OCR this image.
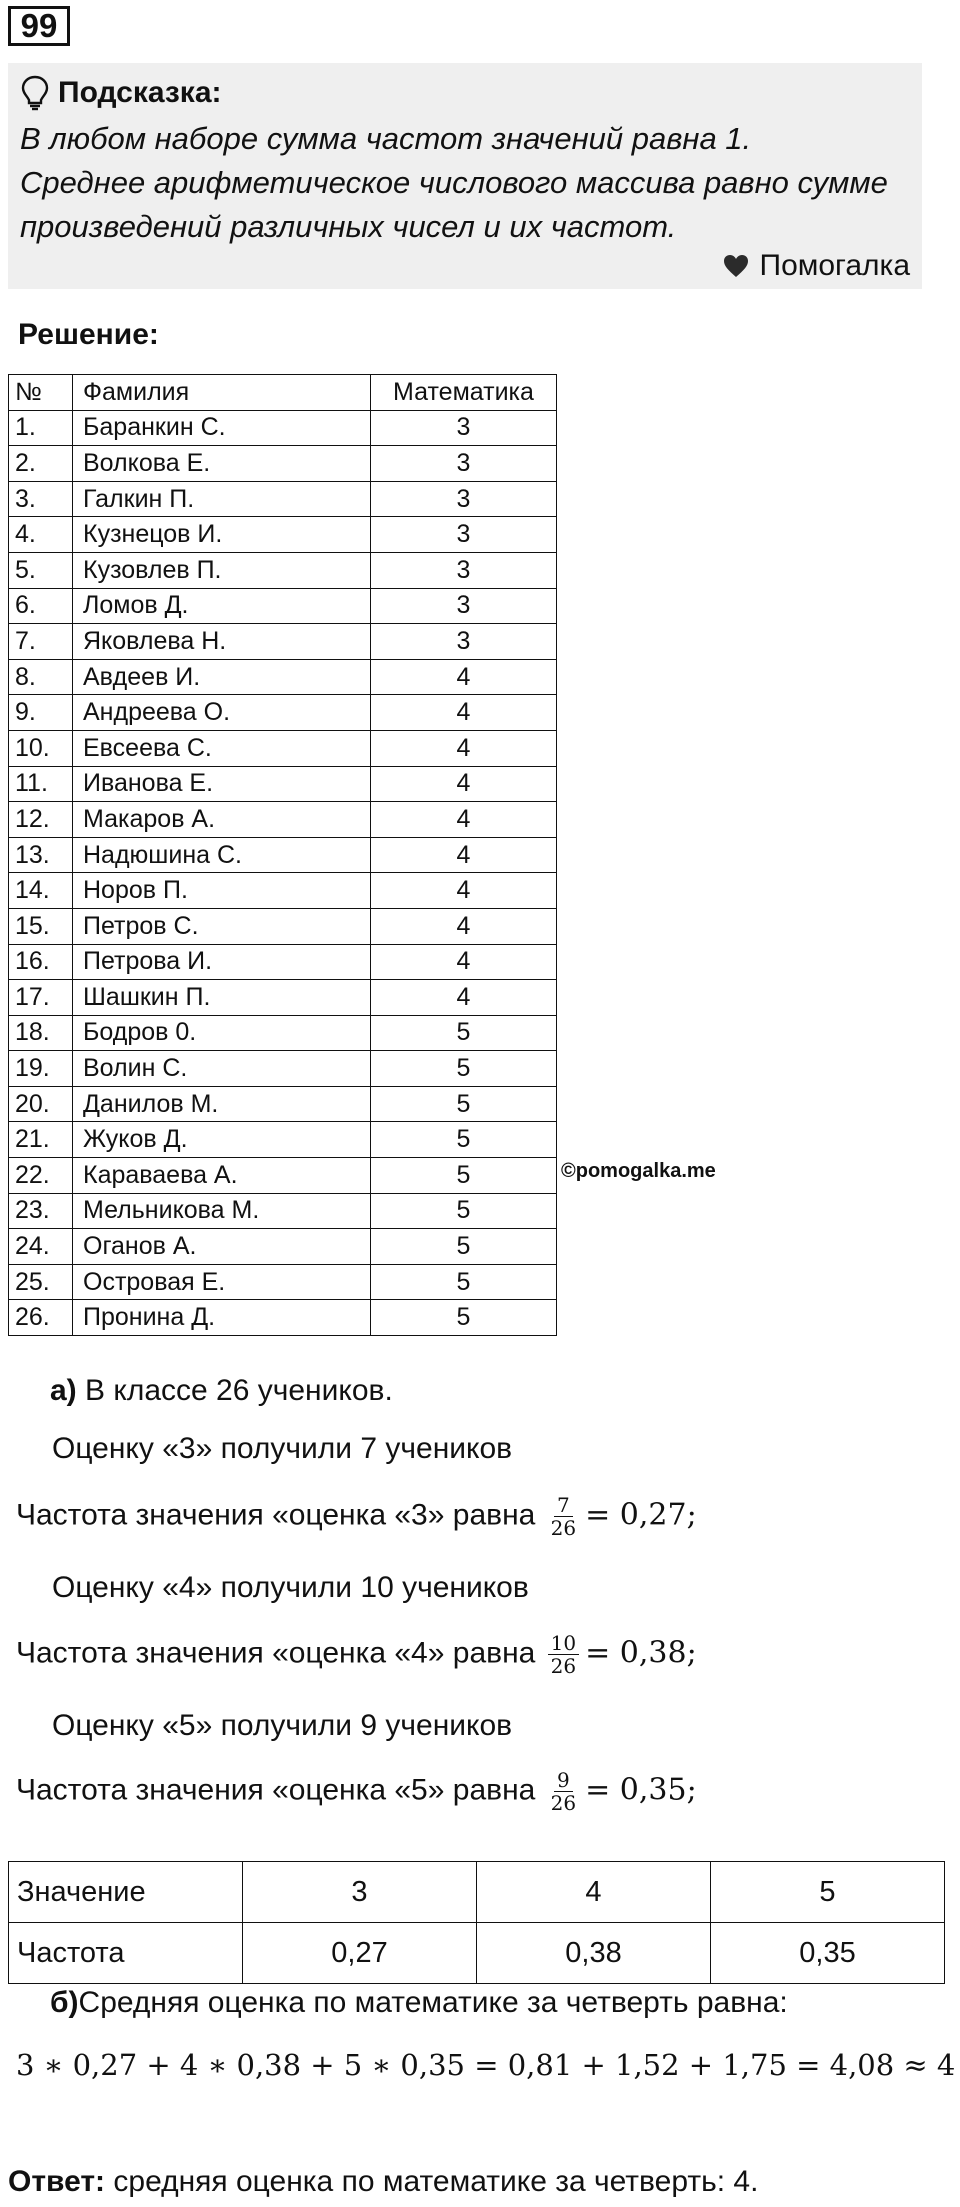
99
Подсказка:
В любом наборе сумма частот значений равна 1.
Среднее арифметическое числового массива равно сумме
произведений различных чисел и их частот.
Помогалка
Решение:
№	Фамилия	Математика
1.	Баранкин С.	3
2.	Волкова Е.	3
3.	Галкин П.	3
4.	Кузнецов И.	3
5.	Кузовлев П.	3
6.	Ломов Д.	3
7.	Яковлева Н.	3
8.	Авдеев И.	4
9.	Андреева О.	4
10.	Евсеева С.	4
11.	Иванова Е.	4
12.	Макаров А.	4
13.	Надюшина С.	4
14.	Норов П.	4
15.	Петров С.	4
16.	Петрова И.	4
17.	Шашкин П.	4
18.	Бодров 0.	5
19.	Волин С.	5
20.	Данилов М.	5
21.	Жуков Д.	5
22.	Караваева А.	5
23.	Мельникова М.	5
24.	Оганов А.	5
25.	Островая Е.	5
26.	Пронина Д.	5
©pomogalka.me
а) В классе 26 учеников.
Оценку «3» получили 7 учеников
Частота значения «оценка «3» равна $\frac{7}{26} = 0,27$;
Оценку «4» получили 10 учеников
Частота значения «оценка «4» равна $\frac{10}{26} = 0,38$;
Оценку «5» получили 9 учеников
Частота значения «оценка «5» равна $\frac{9}{26} = 0,35$;
Значение	3	4	5
Частота	0,27	0,38	0,35
б)Средняя оценка по математике за четверть равна:
3 ∗ 0,27 + 4 ∗ 0,38 + 5 ∗ 0,35 = 0,81 + 1,52 + 1,75 = 4,08 ≈ 4
Ответ: средняя оценка по математике за четверть: 4.
